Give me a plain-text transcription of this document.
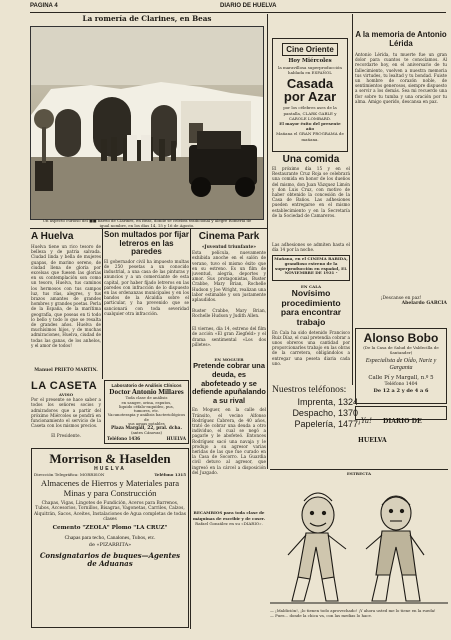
PAGINA 4	DIARIO DE HUELVA
La romería de Clarines, en Beas
Un aspecto curioso del ■■ barrio de Clarines, en Beas, donde se celebra tradicional y alegre Romería de igual nombre, en los días 14, 15 y 16 de Agosto.
A Huelva
Huelva tiene un rico tesoro de belleza y de patria salvada. Ciudad linda y bella de mujeres guapas, de marino sereno, de ciudad llena de gloria por excelsas que fuesen las glorias en su contemplación son como un tesoro, Huelva, tus caminos los hermosos con tus campos luz, tus rías, alegres, y tus brazos amantes de grandes hombres y grandes poetas. Perla de la España, de la marítima geografía, que poseas en ti todo lo bello y todo lo que se resalta de grandes años. Huelva de muchísimos hijos, y de muchas admiraciones, Huelva, ciudad de todas las ganas, de los anhelos, y el amor de todos!
Manuel PRIETO MARTIN.
LA CASETA
AVISO
Por el presente se hace saber a todos los señores socios y admiradores que a partir del próximo Miércoles se pondrá en funcionamiento el servicio de la Caseta con los mismos precios.
El Presidente.
Son multados por fijar letreros en las paredes
El gobernador civil ha impuesto multas de 250 pesetas a un conocido industrial, a una casa de las pinturas y anuncios y a un comerciante de esta capital, por haber fijado letreros en las paredes con infracción de lo dispuesto en las ordenanzas municipales y en los bandos de la Alcaldía sobre el particular, y ha prevenido que se sancionará con toda severidad cualquier otra infracción.
Laboratorio de Análisis Clínicos
Doctor Antonio Millares
Toda clase de análisis
en sangre, orina, esputos,
liquido céfalo-raquídeo, pus,
tumores, etc.
Vacunoterapia y análisis bacteriológicos de
sus aguas potables
Plaza Margall, 22, pral. dcha.
(antes Cánovas)
Teléfono 1436	HUELVA
Morrison & Haselden
HUELVA
Dirección Telegráfica: MORRISON	Teléfono 1315
Almacenes de Hierros y Materiales para Minas y para Construcción
Chapas, Vigas, Lingotes de Fundición, Aceros para Barrenos, Tubos, Accesorios, Tornillos, Bisagras, Vagonetas, Carriles, Calzos, Alquitrán, Sacos, Aceites, Instalaciones de Agua completas de todas clases
Cemento "ZEOLA" Plomo "LA CRUZ"
Chapas para techo, Canalones, Tubos, etc.
de «PIZARRITA»
Consignatarios de buques—Agentes de Aduanas
Cinema Park
«Juventud triunfante»
Esta película, nuevamente exhibida anoche en el salón de verano, tuvo el mismo éxito que en su estreno. Es un film de juventud, alegría, deportes y amor. Sus protagonistas, Buster Crabbe, Mary Brian, Rochelle Hudson y Joe Wright, realizan una labor estimable y son justamente aplaudidos.
Buster Crabbe, Mary Brian, Rochelle Hudson y Judith Allen.
El viernes, día 14, estreno del film de acción «El gran Ziegfeld» y el drama sentimental «Los dos pilletes».
EN MOGUER
Pretende cobrar una deuda, es abofeteado y se defiende apuñalando a su rival
En Moguer, en la calle del Tránsito, el vecino Alfonso Rodríguez Cabrera, de 40 años, trató de cobrar una deuda a otro individuo, el cual se negó a pagarle y le abofeteó. Entonces Rodríguez sacó una navaja y le produjo a su agresor varias heridas de las que fue curado en la Casa de Socorro. La Guardia civil detuvo al agresor, que ingresó en la cárcel a disposición del Juzgado.
RECAMBIOS para toda clase de máquinas de escribir y de coser.
Rafael González en su «DIARIO».
Cine Oriente
Hoy Miércoles
la maravillosa superproducción hablada en ESPAÑOL
Casada por Azar
por los célebres ases de la pantalla, CLARK GABLE y CAROLE LOMBARD.
El mayor éxito del presente año
Mañana el GRAN PROGRAMA de mañana.
Una comida
El próximo día 15 y en el Restaurante Cruz Roja se celebrará una comida en honor de los dueños del mismo, don Juan Vázquez Limón y don Luis Cruz, con motivo de haber obtenido la concesión de la Casa de Baños. Las adhesiones pueden entregarse en el mismo establecimiento y en la Secretaría de la Sociedad de Camareros.
Las adhesiones se admiten hasta el día 14 por la noche.
Mañana, en el CINEMA RABIDA, grandioso estreno de la superproducción en español, EL NOVIEMBRE DE 1931 -
EN CALA
Novísimo procedimiento para encontrar trabajo
En Cala ha sido detenido Francisco Ruiz Díaz, el cual pretendía cobrar a unos obreros una cantidad por proporcionarles trabajo en las obras de la carretera, obligándolos a entregar una peseta diaria cada uno.
Nuestros teléfonos:
Imprenta, 1324
Despacho, 1370
Papelería, 1477
A la memoria de Antonio Lérida
Antonio Lérida, tu muerte fue un gran dolor para cuantos te conocíamos. Al recordarte hoy, en el aniversario de tu fallecimiento, vuelven a nuestra memoria tus virtudes, tu lealtad y tu bondad. Fuiste un hombre de corazón noble, de sentimientos generosos, siempre dispuesto a servir a los demás. Sea mi recuerdo una flor sobre tu tumba y una oración por tu alma. Amigo querido, descansa en paz.
¡Descanse en paz!
Abelardo GARCIA
Alonso Bobo
(De la Casa de Salud de Valdecilla de Santander)
Especialista de Oído, Nariz y Garganta
Calle Pí y Margall, n.º 5
Teléfono 1404
De 12 a 2 y de 4 a 6
¡Ya! DIARIO DE HUELVA
ESTRECTA
— ¡Maldición!, ¡lo tienen todo aprovechado! ¡Y ahora usted me lo tiene en la rueda!
— Pues... donde la chica va, con las medias lo hace.
